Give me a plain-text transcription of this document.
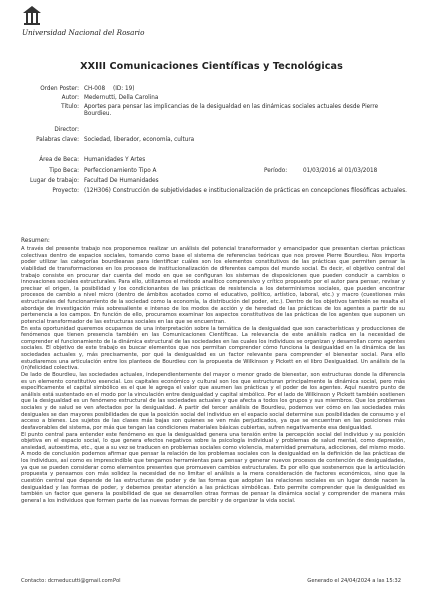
Universidad Nacional del Rosario
XXIII Comunicaciones Científicas y Tecnológicas
Orden Poster: CH-008 (ID: 19)
Autor: Medernutti, Della Carolina
Título: Aportes para pensar las implicancias de la desigualdad en las dinámicas sociales actuales desde Pierre Bourdieu.
Director:
Palabras clave: Sociedad, liberador, economía, cultura
Área de Beca: Humanidades Y Artes
Tipo Beca: Perfeccionamiento Tipo A	Período:	01/03/2016 al 01/03/2018
Lugar de trabajo: Facultad De Humanidades
Proyecto: (12H306) Construcción de subjetividades e institucionalización de prácticas en concepciones filosóficas actuales.
Resumen:

A través del presente trabajo nos proponemos realizar un análisis del potencial transformador y emancipador que presentan ciertas prácticas colectivas dentro de espacios sociales, tomando como base el sistema de referencias teóricas que nos provee Pierre Bourdieu. Nos importa poder utilizar las categorías bourdieanas para identificar cuáles son los elementos constitutivos de las prácticas que permiten pensar la viabilidad de transformaciones en los procesos de institucionalización de diferentes campos del mundo social. Es decir, el objetivo central del trabajo consiste en procurar dar cuenta del modo en que se configuran los sistemas de disposiciones que pueden conducir a cambios o innovaciones sociales estructurales. Para ello, utilizamos el método analítico comprensivo y crítico propuesto por el autor para pensar, revisar y precisar el origen, la posibilidad y los condicionantes de las prácticas de resistencia a los determinismos sociales, que pueden encontrar procesos de cambio a nivel micro (dentro de ámbitos acotados como el educativo, político, artístico, laboral, etc.) y macro (cuestiones más estructurales del funcionamiento de la sociedad como la economía, la distribución del poder, etc.). Dentro de los objetivos también se resalta el abordaje de investigación más sobresaliente e intenso de los modos de acción y de heredad de las prácticas de los agentes a partir de su pertenencia a los campos. En función de ello, procuramos examinar los aspectos constitutivos de las prácticas de los agentes que suponen un potencial transformador de las estructuras sociales en las que se encuentran.

En esta oportunidad queremos ocuparnos de una interpretación sobre la temática de la desigualdad que son características y producciones de fenómenos que tienen presencia también en las Comunicaciones Científicas. La relevancia de este análisis radica en la necesidad de comprender el funcionamiento de la dinámica estructural de las sociedades en las cuales los individuos se organizan y desarrollan como agentes sociales. El objetivo de este trabajo es buscar elementos que nos permitan comprender cómo funciona la desigualdad en la dinámica de las sociedades actuales y, más precisamente, por qué la desigualdad es un factor relevante para comprender el bienestar social. Para ello estudiaremos una articulación entre los planteos de Bourdieu con la propuesta de Wilkinson y Pickett en el libro Desigualdad. Un análisis de la (in)felicidad colectiva.

De lado de Bourdieu, las sociedades actuales, independientemente del mayor o menor grado de bienestar, son estructuras donde la diferencia es un elemento constitutivo esencial. Los capitales económico y cultural son los que estructuran principalmente la dinámica social, pero más específicamente el capital simbólico es el que le agrega el valor que asumen las prácticas y el poder de los agentes. Aquí nuestro punto de análisis está sustentado en el modo por la vinculación entre desigualdad y capital simbólico. Por el lado de Wilkinson y Pickett también sostienen que la desigualdad es un fenómeno estructural de las sociedades actuales y que afecta a todos los grupos y sus miembros. Que los problemas sociales y de salud se ven afectados por la desigualdad. A partir del tercer análisis de Bourdieu, podemos ver cómo en las sociedades más desiguales se dan mayores posibilidades de que la posición social del individuo en el espacio social determine sus posibilidades de consumo y el acceso a bienes. Los sujetos de las clases más bajas son quienes se ven más perjudicados, ya que se encuentran en las posiciones más desfavorables del sistema, por más que tengan las condiciones materiales básicas cubiertas, sufren negativamente esa desigualdad.

El punto central para entender este fenómeno es que la desigualdad genera una tensión entre la percepción social del individuo y su posición objetiva en el espacio social, lo que genera efectos negativos sobre la psicología individual y problemas de salud mental, como depresión, ansiedad, autoestima, etc., que a su vez se traducen en problemas sociales como violencia, maternidad prematura, adicciones, del mismo modo. A modo de conclusión podemos afirmar que pensar la relación de los problemas sociales con la desigualdad en la definición de las prácticas de los individuos, así como es imprescindible que tengamos herramientas para pensar y generar nuevos procesos de contención de desigualdades, ya que se pueden considerar como elementos presentes que promueven cambios estructurales. Es por ello que sostenemos que la articulación propuesta y pensamos con más solidez la necesidad de no limitar el análisis a la mera consideración de factores económicos, sino que la cuestión central que depende de las estructuras de poder y de las formas que adoptan las relaciones sociales es un lugar donde nacen la desigualdad y las formas de poder, y debemos prestar atención a las prácticas simbólicas. Esto permite comprender que la desigualdad es también un factor que genera la posibilidad de que se desarrollen otras formas de pensar la dinámica social y comprender de manera más general a los individuos que formen parte de las nuevas formas de percibir y de organizar la vida social.

Contacto: dcmeducutti@gmail.com Pol	Generado el 24/04/2024 a las 15:32
